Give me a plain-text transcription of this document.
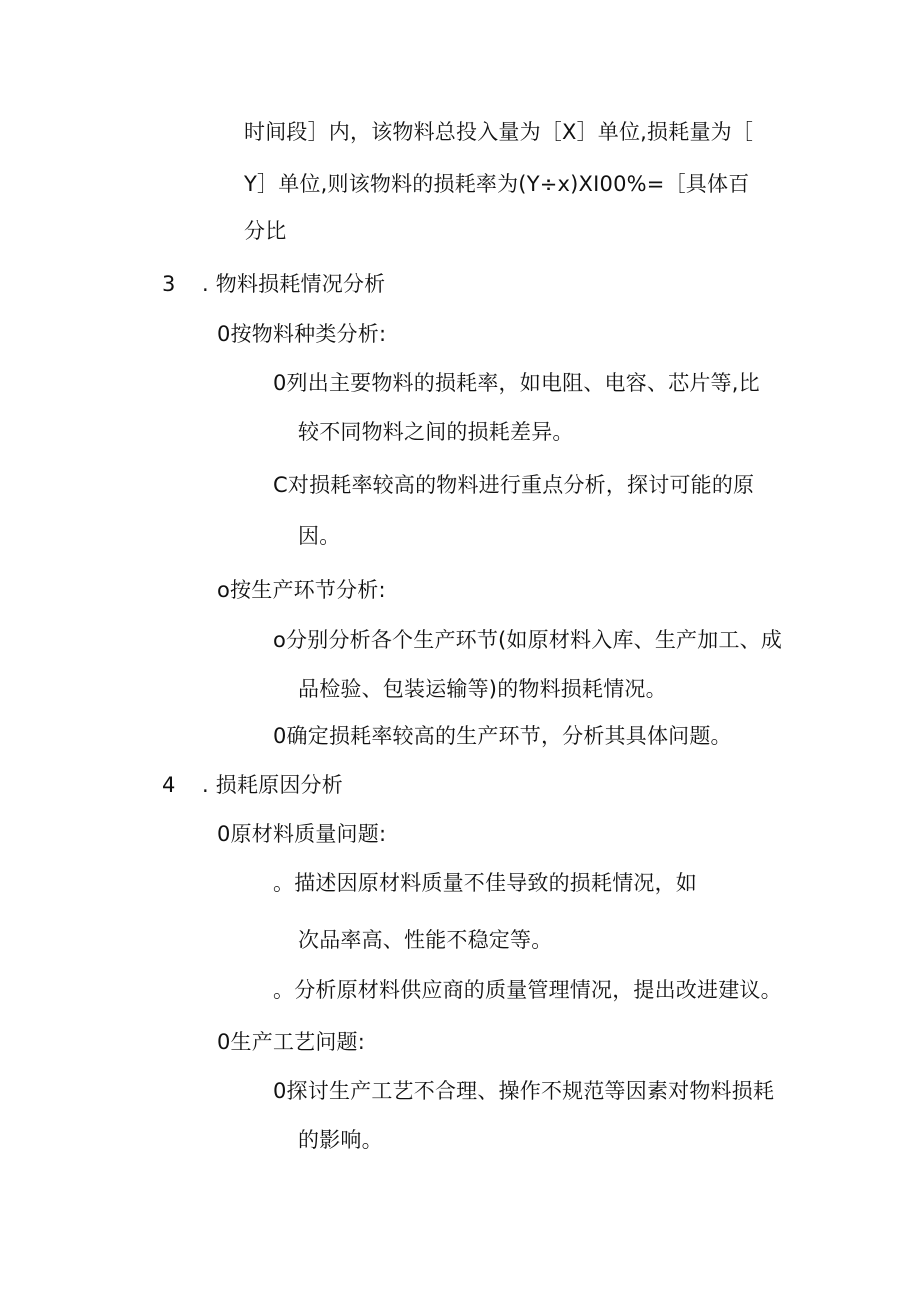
时间段］内，该物料总投入量为［X］单位,损耗量为［
Y］单位,则该物料的损耗率为(Y÷x)XI00%=［具体百
分比
3 . 物料损耗情况分析
0按物料种类分析:
0列出主要物料的损耗率，如电阻、电容、芯片等,比
较不同物料之间的损耗差异。
C对损耗率较高的物料进行重点分析，探讨可能的原
因。
o按生产环节分析:
o分别分析各个生产环节(如原材料入库、生产加工、成
品检验、包装运输等)的物料损耗情况。
0确定损耗率较高的生产环节，分析其具体问题。
4 . 损耗原因分析
0原材料质量问题:
。描述因原材料质量不佳导致的损耗情况，如
次品率高、性能不稳定等。
。分析原材料供应商的质量管理情况，提出改进建议。
0生产工艺问题:
0探讨生产工艺不合理、操作不规范等因素对物料损耗
的影响。
